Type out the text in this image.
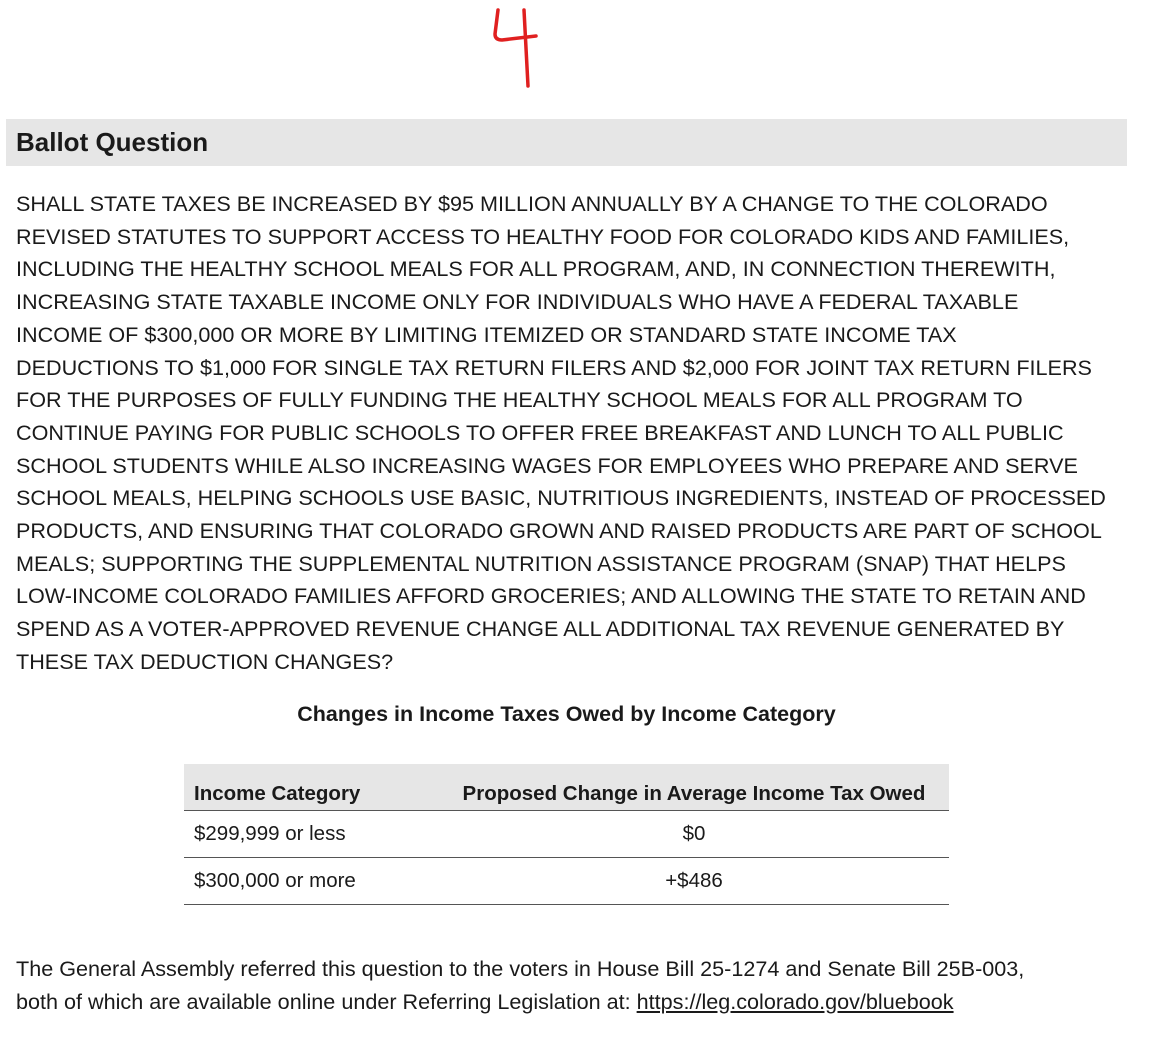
Ballot Question
SHALL STATE TAXES BE INCREASED BY $95 MILLION ANNUALLY BY A CHANGE TO THE COLORADO
REVISED STATUTES TO SUPPORT ACCESS TO HEALTHY FOOD FOR COLORADO KIDS AND FAMILIES,
INCLUDING THE HEALTHY SCHOOL MEALS FOR ALL PROGRAM, AND, IN CONNECTION THEREWITH,
INCREASING STATE TAXABLE INCOME ONLY FOR INDIVIDUALS WHO HAVE A FEDERAL TAXABLE
INCOME OF $300,000 OR MORE BY LIMITING ITEMIZED OR STANDARD STATE INCOME TAX
DEDUCTIONS TO $1,000 FOR SINGLE TAX RETURN FILERS AND $2,000 FOR JOINT TAX RETURN FILERS
FOR THE PURPOSES OF FULLY FUNDING THE HEALTHY SCHOOL MEALS FOR ALL PROGRAM TO
CONTINUE PAYING FOR PUBLIC SCHOOLS TO OFFER FREE BREAKFAST AND LUNCH TO ALL PUBLIC
SCHOOL STUDENTS WHILE ALSO INCREASING WAGES FOR EMPLOYEES WHO PREPARE AND SERVE
SCHOOL MEALS, HELPING SCHOOLS USE BASIC, NUTRITIOUS INGREDIENTS, INSTEAD OF PROCESSED
PRODUCTS, AND ENSURING THAT COLORADO GROWN AND RAISED PRODUCTS ARE PART OF SCHOOL
MEALS; SUPPORTING THE SUPPLEMENTAL NUTRITION ASSISTANCE PROGRAM (SNAP) THAT HELPS
LOW-INCOME COLORADO FAMILIES AFFORD GROCERIES; AND ALLOWING THE STATE TO RETAIN AND
SPEND AS A VOTER-APPROVED REVENUE CHANGE ALL ADDITIONAL TAX REVENUE GENERATED BY
THESE TAX DEDUCTION CHANGES?
Changes in Income Taxes Owed by Income Category
Income Category	Proposed Change in Average Income Tax Owed
$299,999 or less	$0
$300,000 or more	+$486

The General Assembly referred this question to the voters in House Bill 25-1274 and Senate Bill 25B-003,
both of which are available online under Referring Legislation at: https://leg.colorado.gov/bluebook
